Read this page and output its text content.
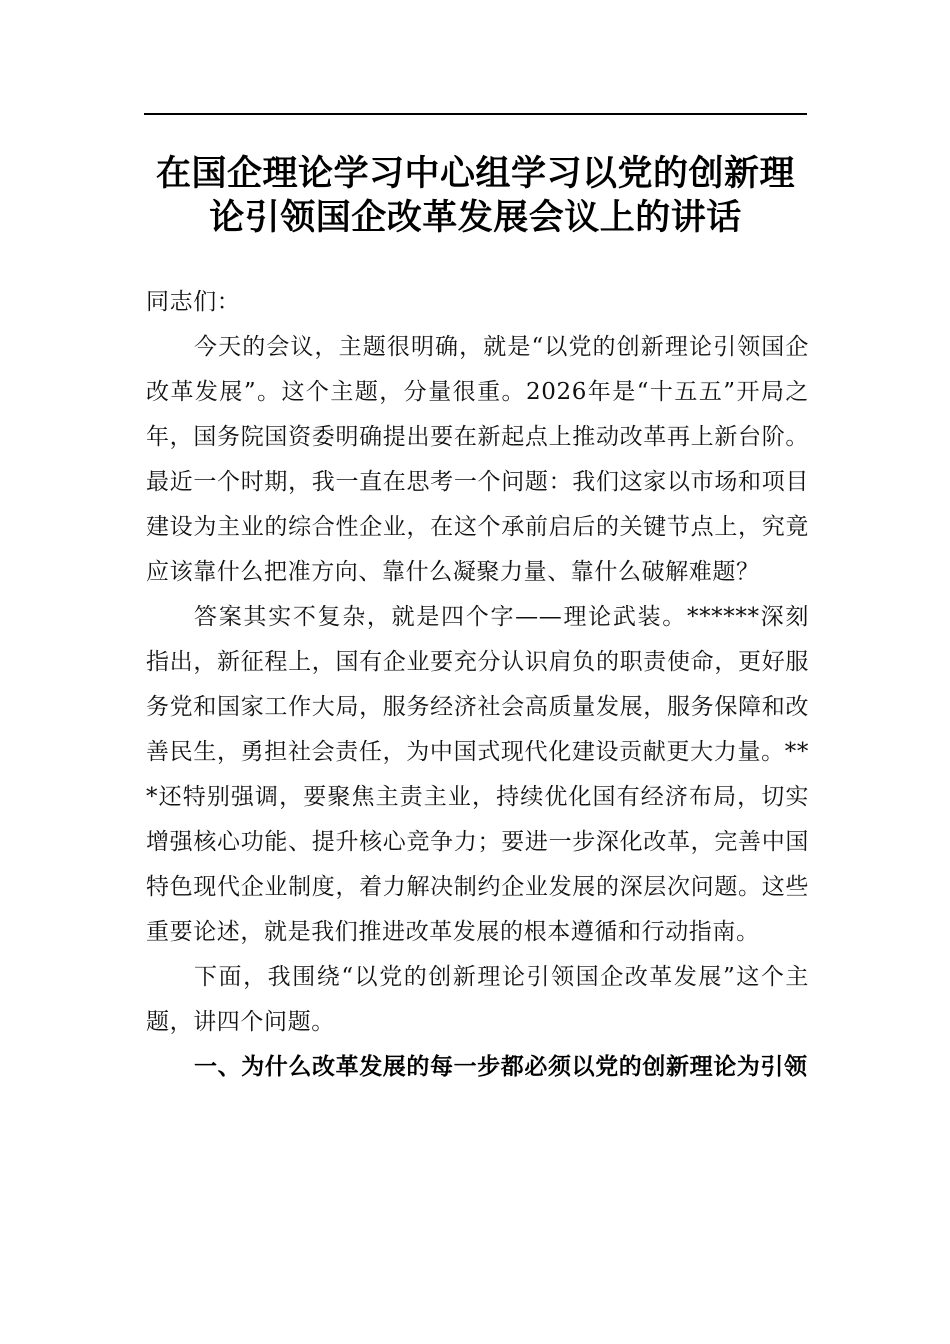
在国企理论学习中心组学习以党的创新理
论引领国企改革发展会议上的讲话

同志们：

今天的会议，主题很明确，就是“以党的创新理论引领国企改革发展”。这个主题，分量很重。2026年是“十五五”开局之年，国务院国资委明确提出要在新起点上推动改革再上新台阶。最近一个时期，我一直在思考一个问题：我们这家以市场和项目建设为主业的综合性企业，在这个承前启后的关键节点上，究竟应该靠什么把准方向、靠什么凝聚力量、靠什么破解难题？

答案其实不复杂，就是四个字——理论武装。******深刻指出，新征程上，国有企业要充分认识肩负的职责使命，更好服务党和国家工作大局，服务经济社会高质量发展，服务保障和改善民生，勇担社会责任，为中国式现代化建设贡献更大力量。***还特别强调，要聚焦主责主业，持续优化国有经济布局，切实增强核心功能、提升核心竞争力；要进一步深化改革，完善中国特色现代企业制度，着力解决制约企业发展的深层次问题。这些重要论述，就是我们推进改革发展的根本遵循和行动指南。

下面，我围绕“以党的创新理论引领国企改革发展”这个主题，讲四个问题。

一、为什么改革发展的每一步都必须以党的创新理论为引领
